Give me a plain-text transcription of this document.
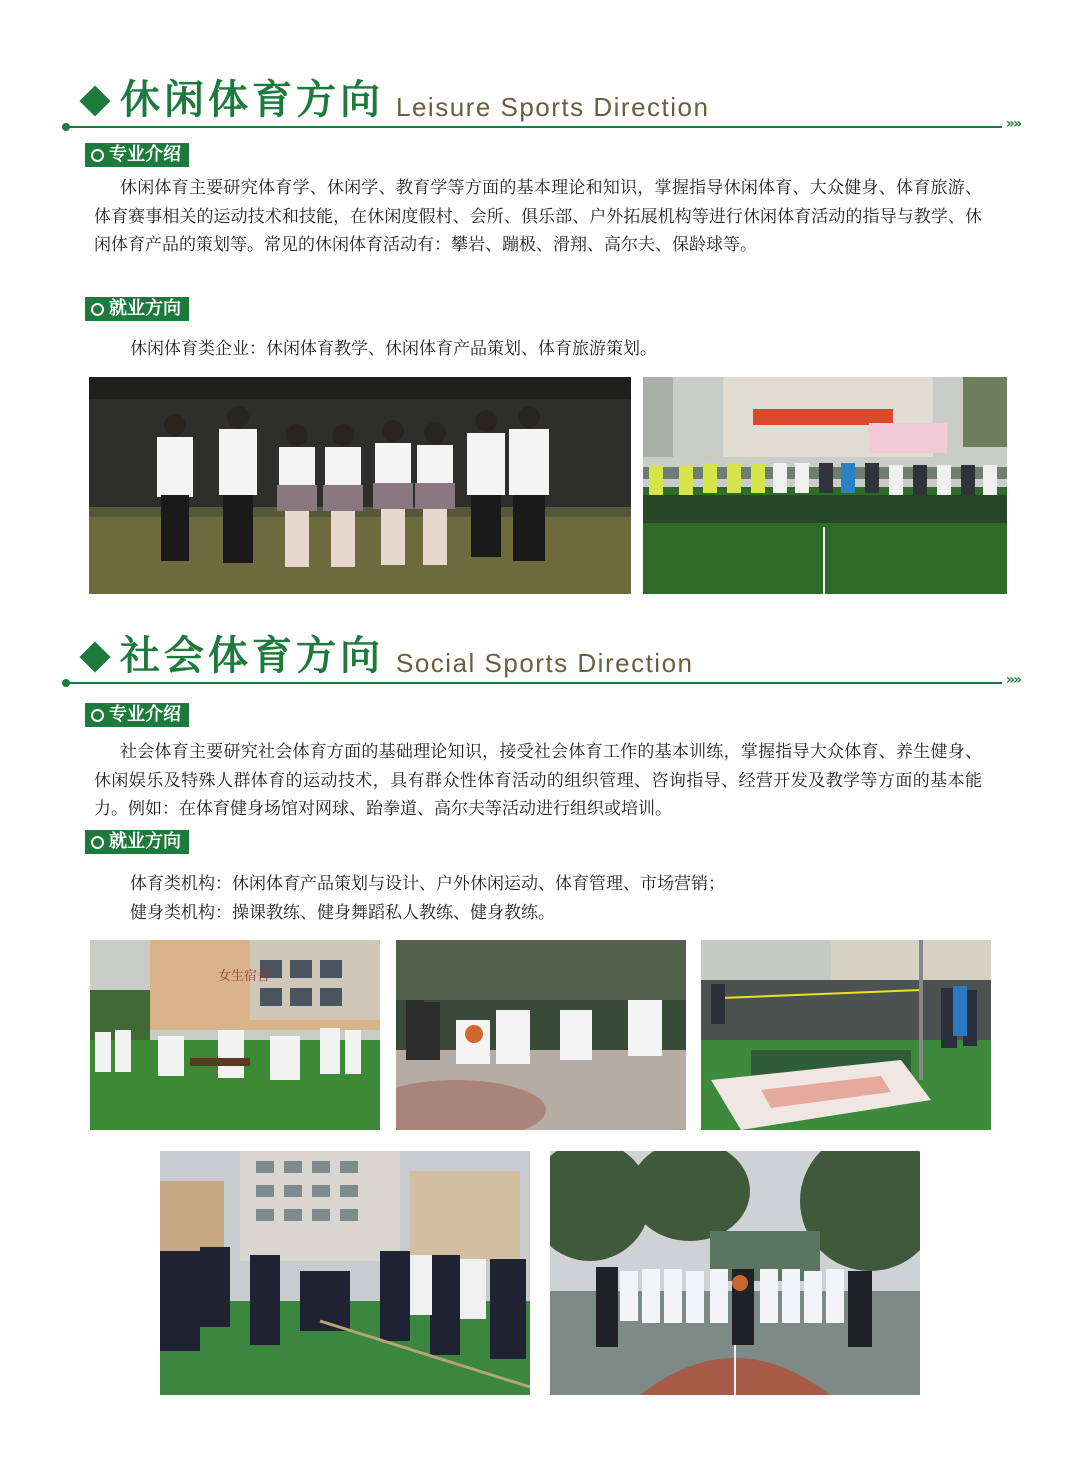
休闲体育方向 Leisure Sports Direction
»»
专业介绍

休闲体育主要研究体育学、休闲学、教育学等方面的基本理论和知识，掌握指导休闲体育、大众健身、体育旅游、体育赛事相关的运动技术和技能，在休闲度假村、会所、俱乐部、户外拓展机构等进行休闲体育活动的指导与教学、休闲体育产品的策划等。常见的休闲体育活动有：攀岩、蹦极、滑翔、高尔夫、保龄球等。

就业方向
休闲体育类企业：休闲体育教学、休闲体育产品策划、体育旅游策划。
社会体育方向 Social Sports Direction
»»
专业介绍

社会体育主要研究社会体育方面的基础理论知识，接受社会体育工作的基本训练，掌握指导大众体育、养生健身、休闲娱乐及特殊人群体育的运动技术，具有群众性体育活动的组织管理、咨询指导、经营开发及教学等方面的基本能力。例如：在体育健身场馆对网球、跆拳道、高尔夫等活动进行组织或培训。

就业方向
体育类机构：休闲体育产品策划与设计、户外休闲运动、体育管理、市场营销；
健身类机构：操课教练、健身舞蹈私人教练、健身教练。
女生宿舍
